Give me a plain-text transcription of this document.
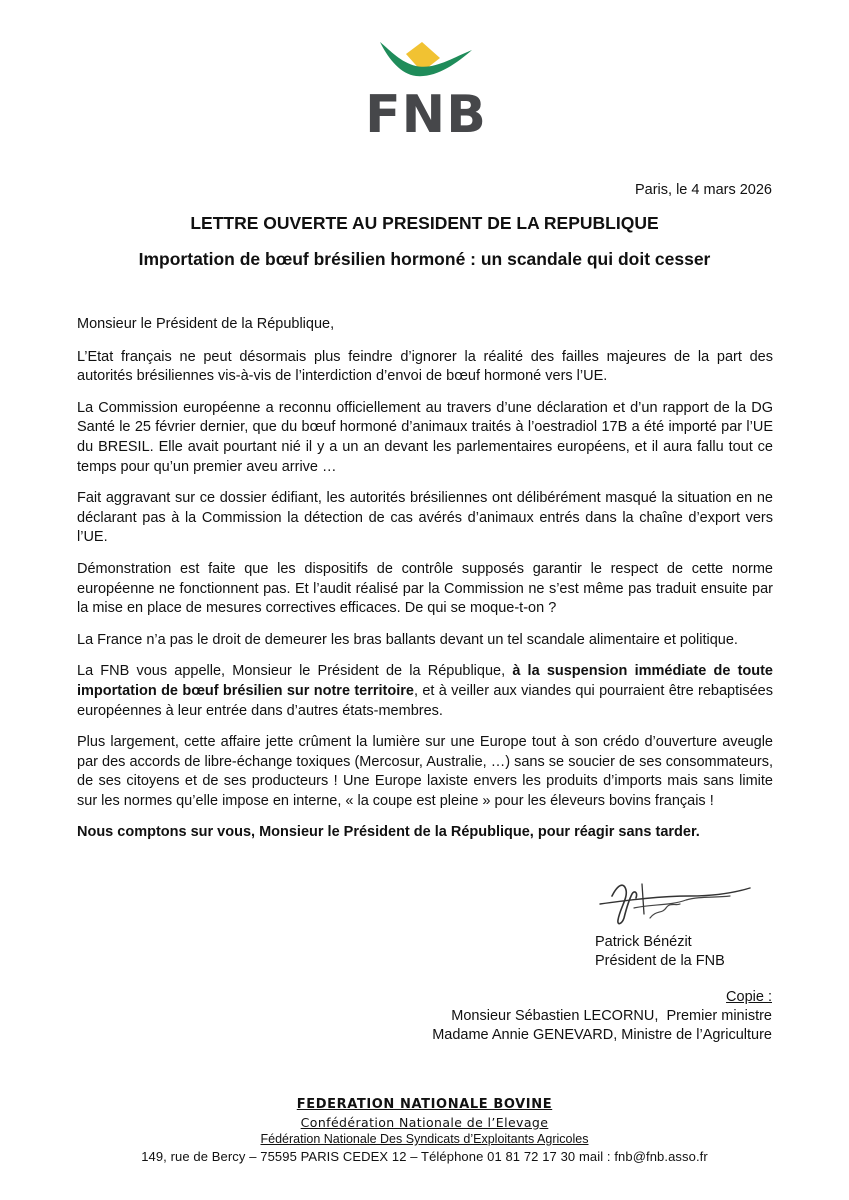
FNB
Paris, le 4 mars 2026
LETTRE OUVERTE AU PRESIDENT DE LA REPUBLIQUE
Importation de bœuf brésilien hormoné : un scandale qui doit cesser

Monsieur le Président de la République,

L’Etat français ne peut désormais plus feindre d’ignorer la réalité des failles majeures de la part des autorités brésiliennes vis-à-vis de l’interdiction d’envoi de bœuf hormoné vers l’UE.

La Commission européenne a reconnu officiellement au travers d’une déclaration et d’un rapport de la DG Santé le 25 février dernier, que du bœuf hormoné d’animaux traités à l’oestradiol 17B a été importé par l’UE du BRESIL. Elle avait pourtant nié il y a un an devant les parlementaires européens, et il aura fallu tout ce temps pour qu’un premier aveu arrive …

Fait aggravant sur ce dossier édifiant, les autorités brésiliennes ont délibérément masqué la situation en ne déclarant pas à la Commission la détection de cas avérés d’animaux entrés dans la chaîne d’export vers l’UE.

Démonstration est faite que les dispositifs de contrôle supposés garantir le respect de cette norme européenne ne fonctionnent pas. Et l’audit réalisé par la Commission ne s’est même pas traduit ensuite par la mise en place de mesures correctives efficaces. De qui se moque-t-on ?

La France n’a pas le droit de demeurer les bras ballants devant un tel scandale alimentaire et politique.

La FNB vous appelle, Monsieur le Président de la République, à la suspension immédiate de toute importation de bœuf brésilien sur notre territoire, et à veiller aux viandes qui pourraient être rebaptisées européennes à leur entrée dans d’autres états-membres.

Plus largement, cette affaire jette crûment la lumière sur une Europe tout à son crédo d’ouverture aveugle par des accords de libre-échange toxiques (Mercosur, Australie, …) sans se soucier de ses consommateurs, de ses citoyens et de ses producteurs ! Une Europe laxiste envers les produits d’imports mais sans limite sur les normes qu’elle impose en interne, « la coupe est pleine » pour les éleveurs bovins français !

Nous comptons sur vous, Monsieur le Président de la République, pour réagir sans tarder.

Patrick Bénézit
Président de la FNB
Copie :
Monsieur Sébastien LECORNU,  Premier ministre
Madame Annie GENEVARD, Ministre de l’Agriculture
FEDERATION NATIONALE BOVINE
Confédération Nationale de l’Elevage
Fédération Nationale Des Syndicats d’Exploitants Agricoles
149, rue de Bercy – 75595 PARIS CEDEX 12 – Téléphone 01 81 72 17 30 mail : fnb@fnb.asso.fr
